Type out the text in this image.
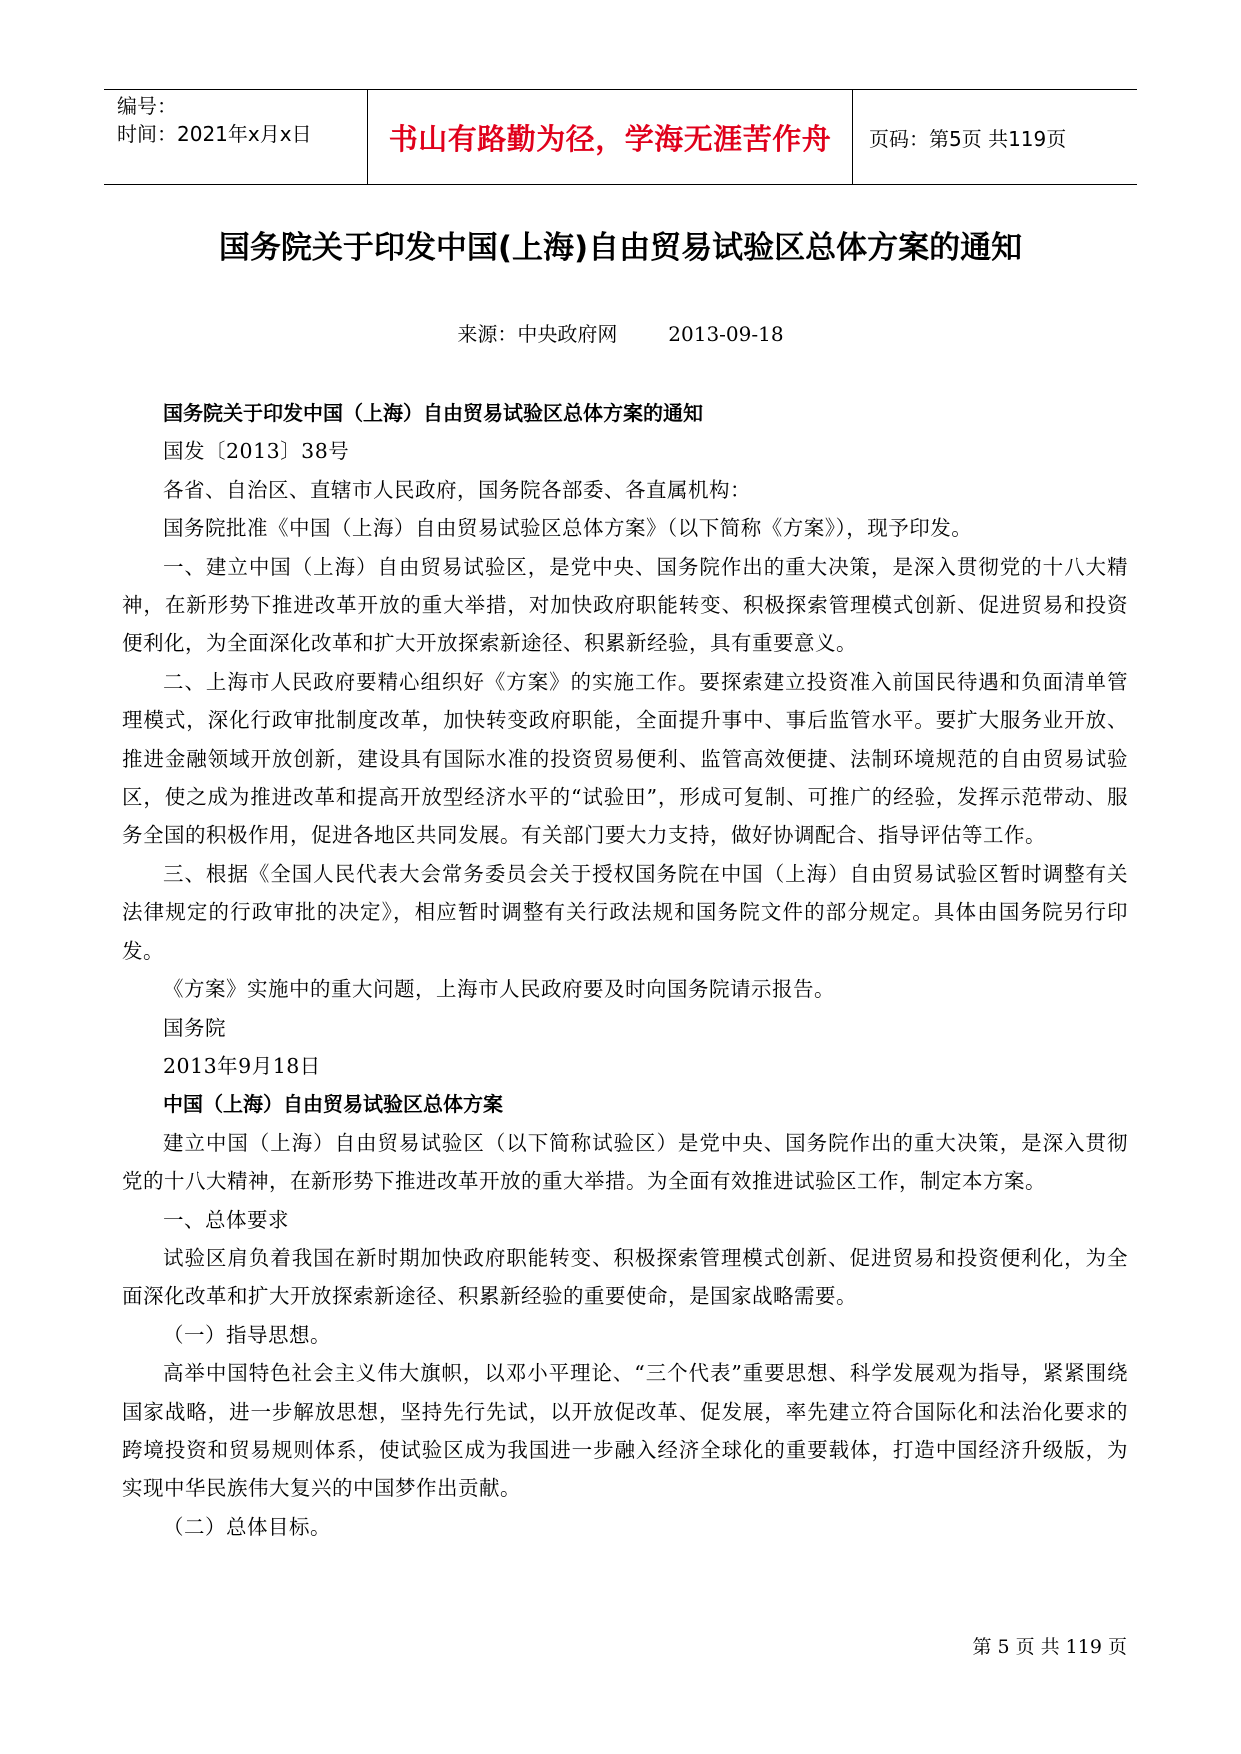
编号：
时间：2021年x月x日	书山有路勤为径，学海无涯苦作舟 页码：第5页 共119页
国务院关于印发中国(上海)自由贸易试验区总体方案的通知
来源：中央政府网        2013-09-18

国务院关于印发中国（上海）自由贸易试验区总体方案的通知

国发〔2013〕38号

各省、自治区、直辖市人民政府，国务院各部委、各直属机构：

国务院批准《中国（上海）自由贸易试验区总体方案》（以下简称《方案》），现予印发。

一、建立中国（上海）自由贸易试验区，是党中央、国务院作出的重大决策，是深入贯彻党的十八大精神，在新形势下推进改革开放的重大举措，对加快政府职能转变、积极探索管理模式创新、促进贸易和投资便利化，为全面深化改革和扩大开放探索新途径、积累新经验，具有重要意义。

二、上海市人民政府要精心组织好《方案》的实施工作。要探索建立投资准入前国民待遇和负面清单管理模式，深化行政审批制度改革，加快转变政府职能，全面提升事中、事后监管水平。要扩大服务业开放、推进金融领域开放创新，建设具有国际水准的投资贸易便利、监管高效便捷、法制环境规范的自由贸易试验区，使之成为推进改革和提高开放型经济水平的“试验田”，形成可复制、可推广的经验，发挥示范带动、服务全国的积极作用，促进各地区共同发展。有关部门要大力支持，做好协调配合、指导评估等工作。

三、根据《全国人民代表大会常务委员会关于授权国务院在中国（上海）自由贸易试验区暂时调整有关法律规定的行政审批的决定》，相应暂时调整有关行政法规和国务院文件的部分规定。具体由国务院另行印发。

《方案》实施中的重大问题，上海市人民政府要及时向国务院请示报告。

国务院

2013年9月18日

中国（上海）自由贸易试验区总体方案

建立中国（上海）自由贸易试验区（以下简称试验区）是党中央、国务院作出的重大决策，是深入贯彻党的十八大精神，在新形势下推进改革开放的重大举措。为全面有效推进试验区工作，制定本方案。

一、总体要求

试验区肩负着我国在新时期加快政府职能转变、积极探索管理模式创新、促进贸易和投资便利化，为全面深化改革和扩大开放探索新途径、积累新经验的重要使命，是国家战略需要。

（一）指导思想。

高举中国特色社会主义伟大旗帜，以邓小平理论、“三个代表”重要思想、科学发展观为指导，紧紧围绕国家战略，进一步解放思想，坚持先行先试，以开放促改革、促发展，率先建立符合国际化和法治化要求的跨境投资和贸易规则体系，使试验区成为我国进一步融入经济全球化的重要载体，打造中国经济升级版，为实现中华民族伟大复兴的中国梦作出贡献。

（二）总体目标。

第 5 页 共 119 页
